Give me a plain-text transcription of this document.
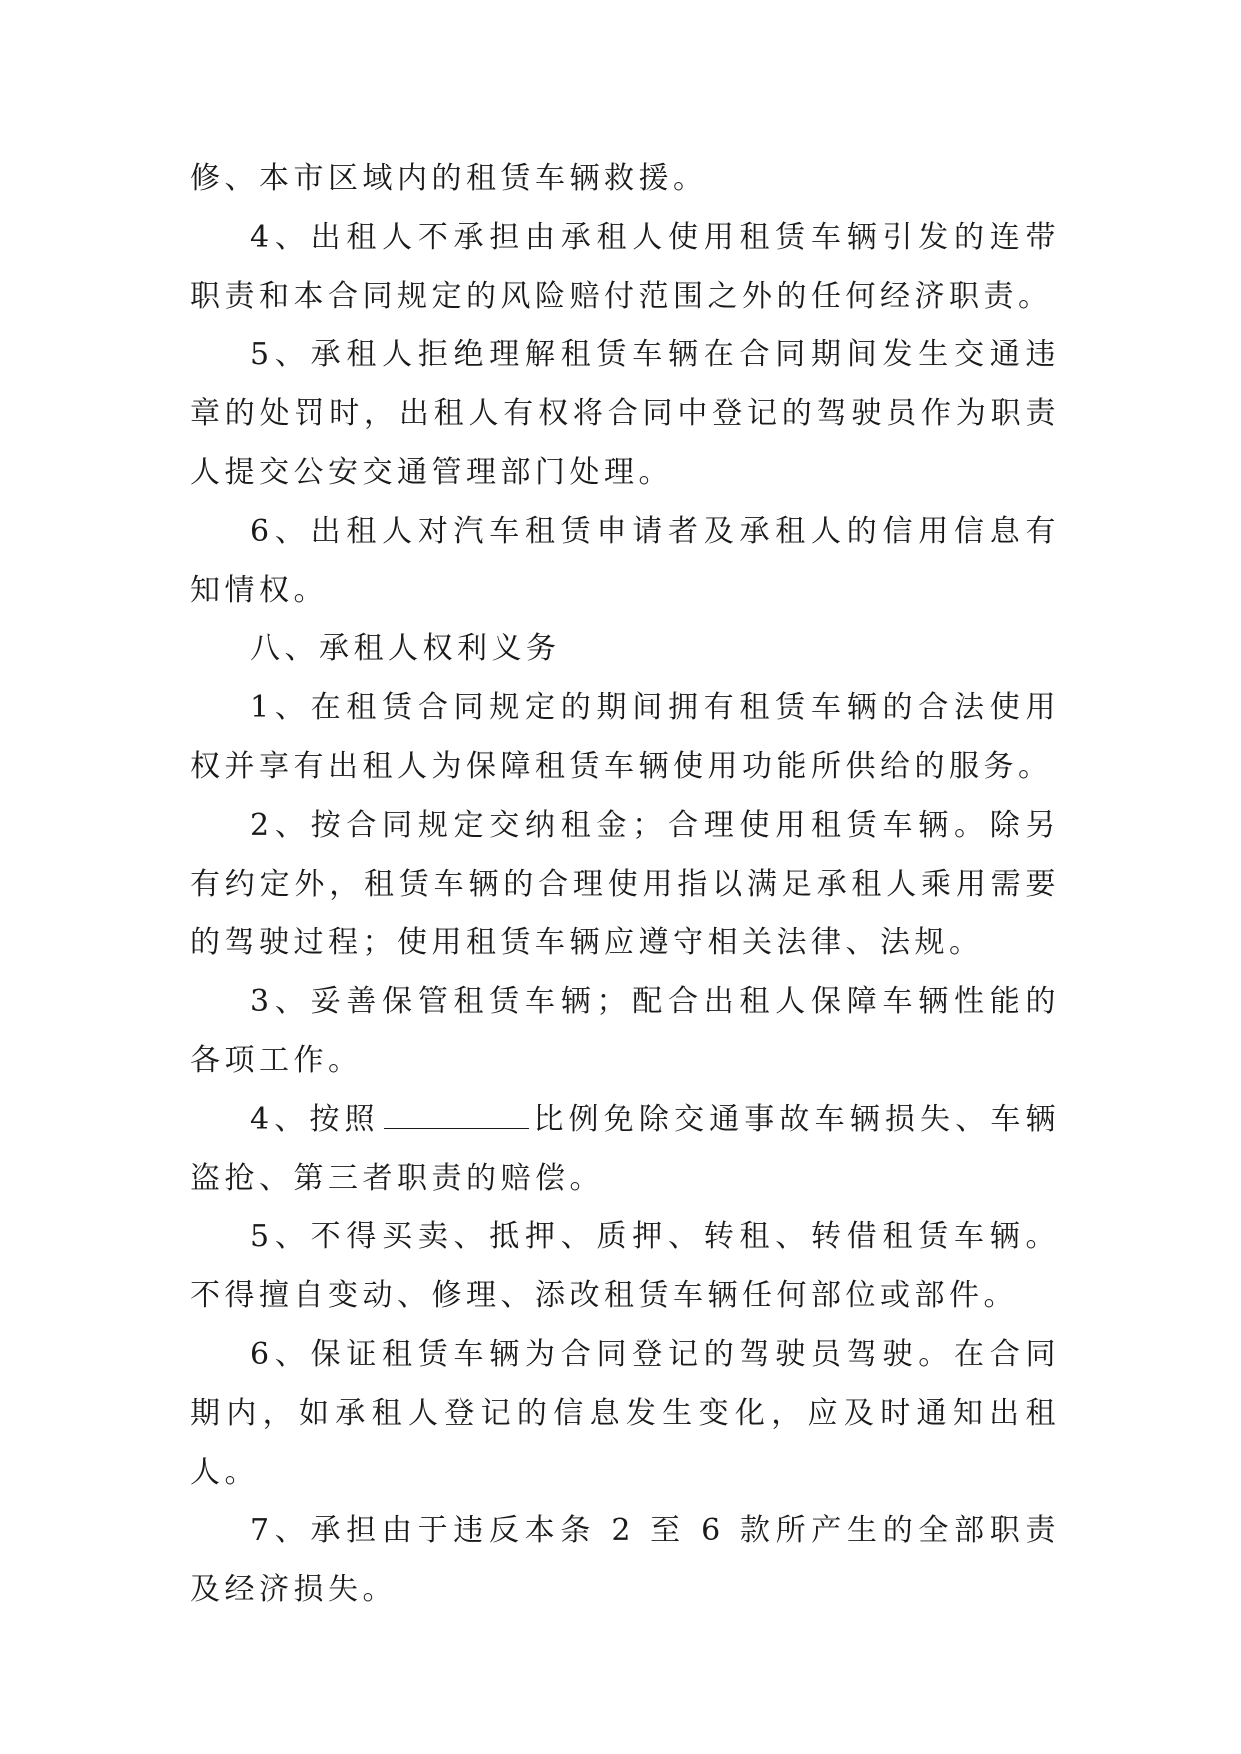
修、本市区域内的租赁车辆救援。

4、出租人不承担由承租人使用租赁车辆引发的连带职责和本合同规定的风险赔付范围之外的任何经济职责。

5、承租人拒绝理解租赁车辆在合同期间发生交通违章的处罚时，出租人有权将合同中登记的驾驶员作为职责人提交公安交通管理部门处理。

6、出租人对汽车租赁申请者及承租人的信用信息有知情权。

八、承租人权利义务

1、在租赁合同规定的期间拥有租赁车辆的合法使用权并享有出租人为保障租赁车辆使用功能所供给的服务。

2、按合同规定交纳租金；合理使用租赁车辆。除另有约定外，租赁车辆的合理使用指以满足承租人乘用需要的驾驶过程；使用租赁车辆应遵守相关法律、法规。

3、妥善保管租赁车辆；配合出租人保障车辆性能的各项工作。

4、按照	比例免除交通事故车辆损失、车辆盗抢、第三者职责的赔偿。

5、不得买卖、抵押、质押、转租、转借租赁车辆。不得擅自变动、修理、添改租赁车辆任何部位或部件。

6、保证租赁车辆为合同登记的驾驶员驾驶。在合同期内，如承租人登记的信息发生变化，应及时通知出租人。

7、承担由于违反本条 2 至 6 款所产生的全部职责及经济损失。
